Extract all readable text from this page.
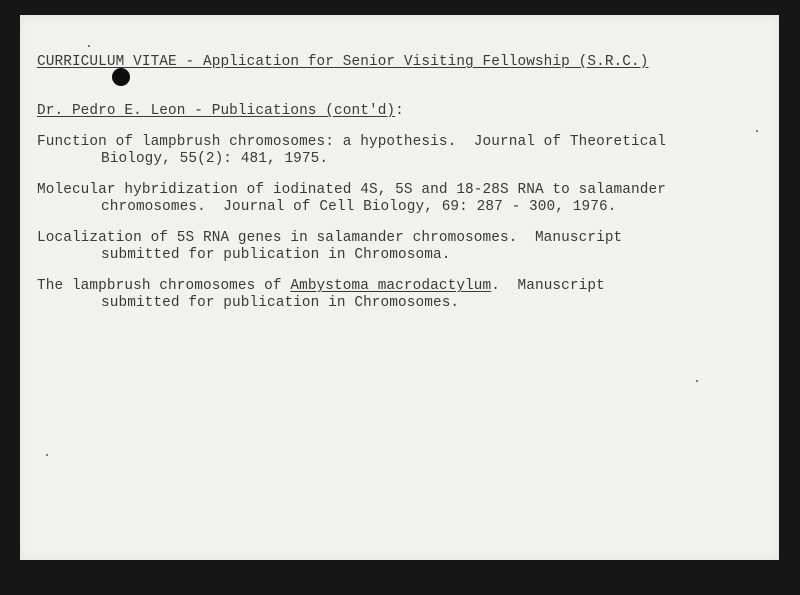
CURRICULUM VITAE - Application for Senior Visiting Fellowship (S.R.C.)
Dr. Pedro E. Leon - Publications (cont'd):
Function of lampbrush chromosomes: a hypothesis.  Journal of Theoretical
Biology, 55(2): 481, 1975.
Molecular hybridization of iodinated 4S, 5S and 18-28S RNA to salamander
chromosomes.  Journal of Cell Biology, 69: 287 - 300, 1976.
Localization of 5S RNA genes in salamander chromosomes.  Manuscript
submitted for publication in Chromosoma.
The lampbrush chromosomes of Ambystoma macrodactylum.  Manuscript
submitted for publication in Chromosomes.
